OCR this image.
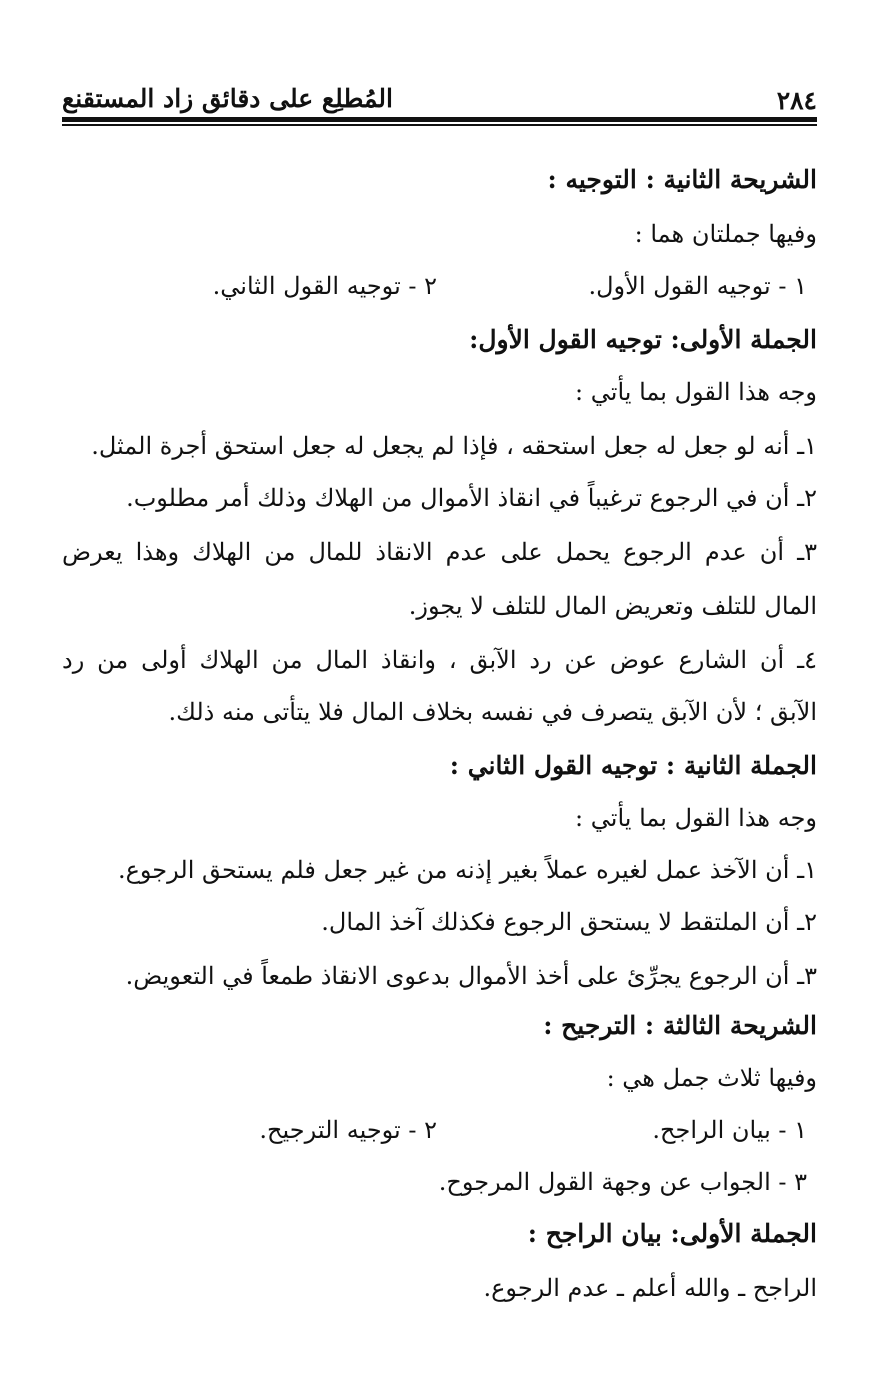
٢٨٤
المُطلِع على دقائق زاد المستقنع
الشريحة الثانية : التوجيه :
وفيها جملتان هما :
١ - توجيه القول الأول.
٢ - توجيه القول الثاني.
الجملة الأولى: توجيه القول الأول:
وجه هذا القول بما يأتي :
١ـ أنه لو جعل له جعل استحقه ، فإذا لم يجعل له جعل استحق أجرة المثل.
٢ـ أن في الرجوع ترغيباً في انقاذ الأموال من الهلاك وذلك أمر مطلوب.
٣ـ أن عدم الرجوع يحمل على عدم الانقاذ للمال من الهلاك وهذا يعرض
المال للتلف وتعريض المال للتلف لا يجوز.
٤ـ أن الشارع عوض عن رد الآبق ، وانقاذ المال من الهلاك أولى من رد
الآبق ؛ لأن الآبق يتصرف في نفسه بخلاف المال فلا يتأتى منه ذلك.
الجملة الثانية : توجيه القول الثاني :
وجه هذا القول بما يأتي :
١ـ أن الآخذ عمل لغيره عملاً بغير إذنه من غير جعل فلم يستحق الرجوع.
٢ـ أن الملتقط لا يستحق الرجوع فكذلك آخذ المال.
٣ـ أن الرجوع يجرِّئ على أخذ الأموال بدعوى الانقاذ طمعاً في التعويض.
الشريحة الثالثة : الترجيح :
وفيها ثلاث جمل هي :
١ - بيان الراجح.
٢ - توجيه الترجيح.
٣ - الجواب عن وجهة القول المرجوح.
الجملة الأولى: بيان الراجح :
الراجح ـ والله أعلم ـ عدم الرجوع.
